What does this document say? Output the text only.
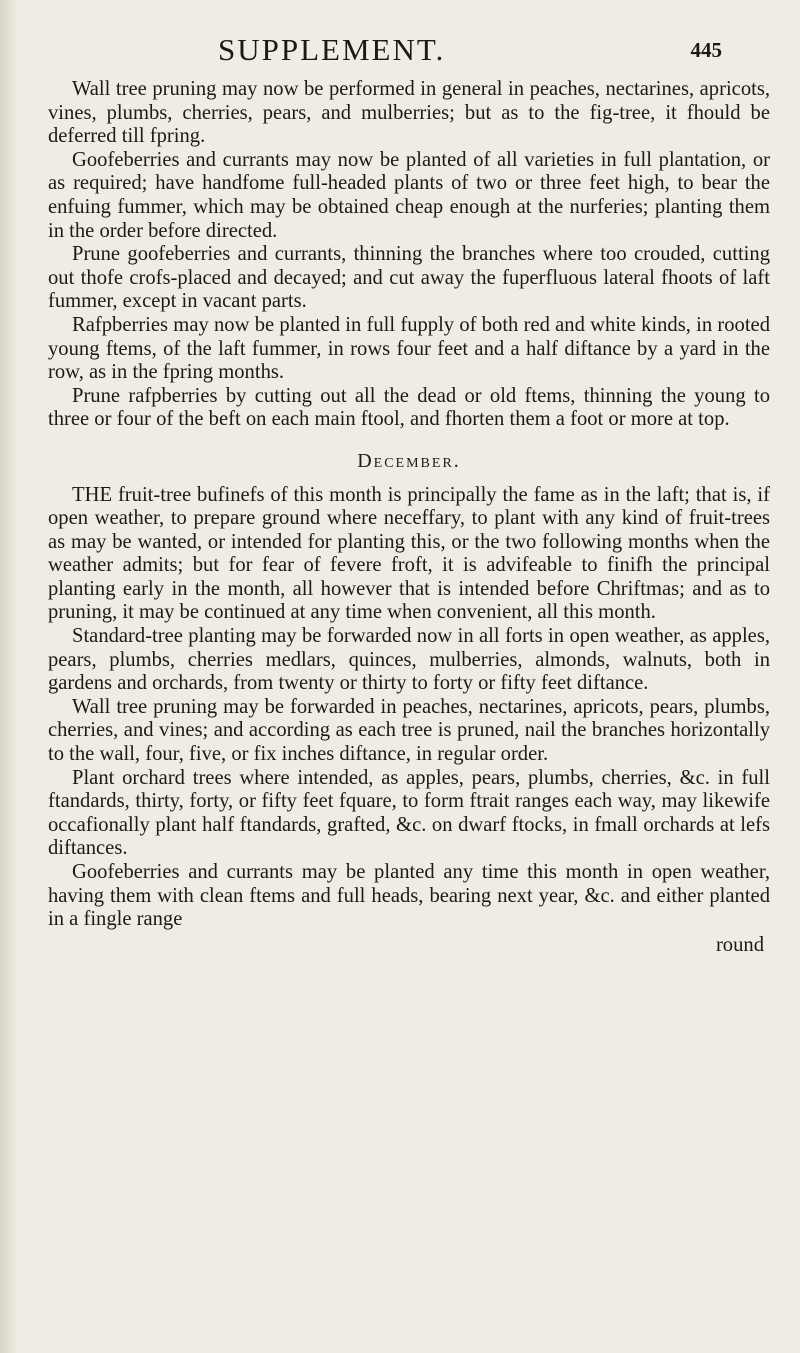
SUPPLEMENT.	445

Wall tree pruning may now be performed in general in peaches, nectarines, apricots, vines, plumbs, cherries, pears, and mulberries; but as to the fig-tree, it fhould be deferred till fpring.

Goofeberries and currants may now be planted of all varieties in full plantation, or as required; have handfome full-headed plants of two or three feet high, to bear the enfuing fummer, which may be obtained cheap enough at the nurferies; planting them in the order before directed.

Prune goofeberries and currants, thinning the branches where too crouded, cutting out thofe crofs-placed and decayed; and cut away the fuperfluous lateral fhoots of laft fummer, except in vacant parts.

Rafpberries may now be planted in full fupply of both red and white kinds, in rooted young ftems, of the laft fummer, in rows four feet and a half diftance by a yard in the row, as in the fpring months.

Prune rafpberries by cutting out all the dead or old ftems, thinning the young to three or four of the beft on each main ftool, and fhorten them a foot or more at top.

December.

THE fruit-tree bufinefs of this month is principally the fame as in the laft; that is, if open weather, to prepare ground where neceffary, to plant with any kind of fruit-trees as may be wanted, or intended for planting this, or the two following months when the weather admits; but for fear of fevere froft, it is advifeable to finifh the principal planting early in the month, all however that is intended before Chriftmas; and as to pruning, it may be continued at any time when convenient, all this month.

Standard-tree planting may be forwarded now in all forts in open weather, as apples, pears, plumbs, cherries medlars, quinces, mulberries, almonds, walnuts, both in gardens and orchards, from twenty or thirty to forty or fifty feet diftance.

Wall tree pruning may be forwarded in peaches, nectarines, apricots, pears, plumbs, cherries, and vines; and according as each tree is pruned, nail the branches horizontally to the wall, four, five, or fix inches diftance, in regular order.

Plant orchard trees where intended, as apples, pears, plumbs, cherries, &c. in full ftandards, thirty, forty, or fifty feet fquare, to form ftrait ranges each way, may likewife occafionally plant half ftandards, grafted, &c. on dwarf ftocks, in fmall orchards at lefs diftances.

Goofeberries and currants may be planted any time this month in open weather, having them with clean ftems and full heads, bearing next year, &c. and either planted in a fingle range

round
